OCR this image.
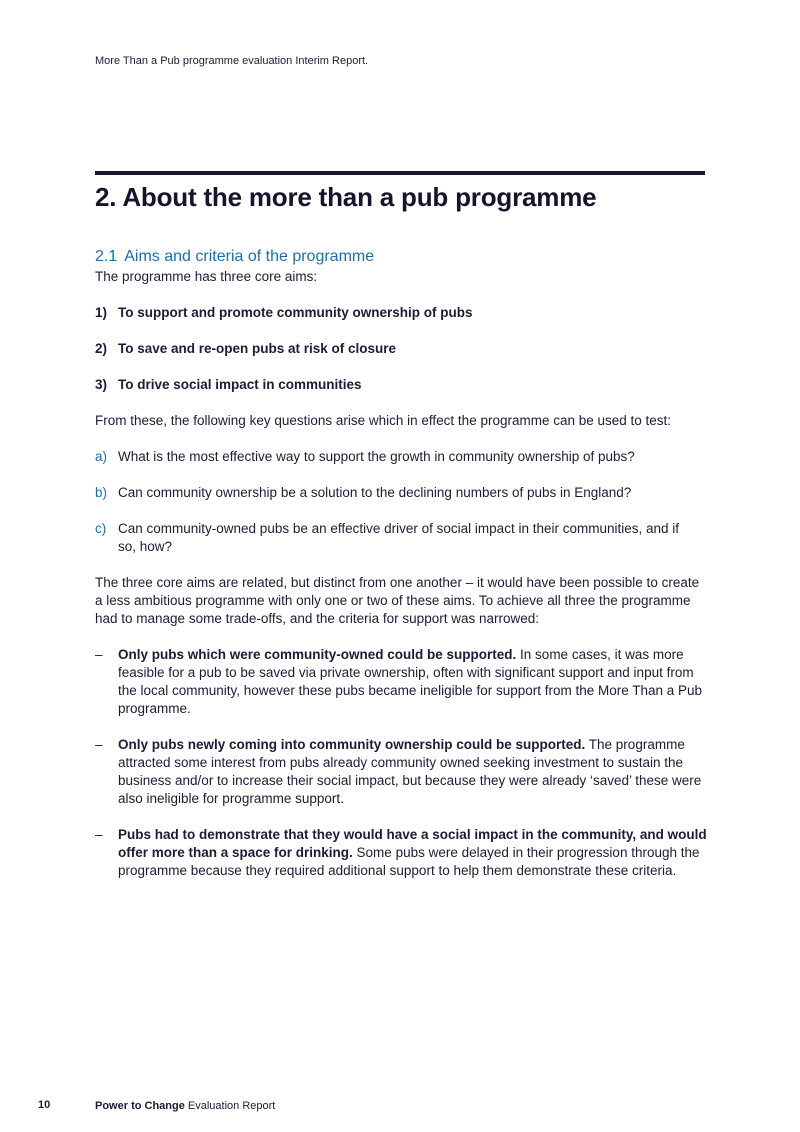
More Than a Pub programme evaluation Interim Report.
2. About the more than a pub programme
2.1 Aims and criteria of the programme

The programme has three core aims:

1) To support and promote community ownership of pubs
2) To save and re-open pubs at risk of closure
3) To drive social impact in communities

From these, the following key questions arise which in effect the programme can be used to test:

a) What is the most effective way to support the growth in community ownership of pubs?
b) Can community ownership be a solution to the declining numbers of pubs in England?
c) Can community-owned pubs be an effective driver of social impact in their communities, and if so, how?

The three core aims are related, but distinct from one another – it would have been possible to create a less ambitious programme with only one or two of these aims. To achieve all three the programme had to manage some trade-offs, and the criteria for support was narrowed:

–	Only pubs which were community-owned could be supported. In some cases, it was more feasible for a pub to be saved via private ownership, often with significant support and input from the local community, however these pubs became ineligible for support from the More Than a Pub programme.
–	Only pubs newly coming into community ownership could be supported. The programme attracted some interest from pubs already community owned seeking investment to sustain the business and/or to increase their social impact, but because they were already ‘saved’ these were also ineligible for programme support.
–	Pubs had to demonstrate that they would have a social impact in the community, and would offer more than a space for drinking. Some pubs were delayed in their progression through the programme because they required additional support to help them demonstrate these criteria.
10	Power to Change Evaluation Report
